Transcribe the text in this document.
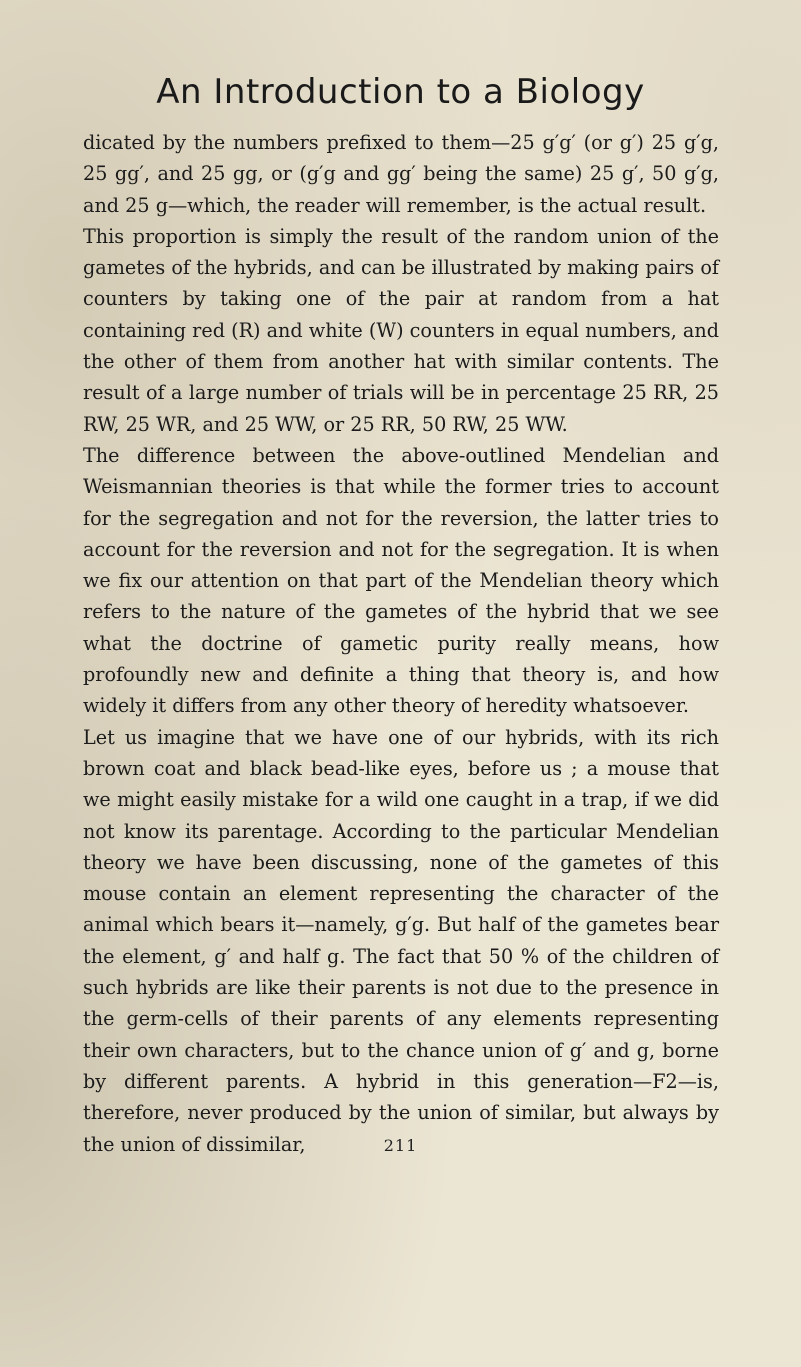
An Introduction to a Biology

dicated by the numbers prefixed to them—25 g′g′ (or g′) 25 g′g, 25 gg′, and 25 gg, or (g′g and gg′ being the same) 25 g′, 50 g′g, and 25 g—which, the reader will remember, is the actual result.

This proportion is simply the result of the random union of the gametes of the hybrids, and can be illustrated by making pairs of counters by taking one of the pair at random from a hat containing red (R) and white (W) counters in equal numbers, and the other of them from another hat with similar contents. The result of a large number of trials will be in percentage 25 RR, 25 RW, 25 WR, and 25 WW, or 25 RR, 50 RW, 25 WW.

The difference between the above-outlined Mendelian and Weismannian theories is that while the former tries to account for the segregation and not for the reversion, the latter tries to account for the reversion and not for the segregation. It is when we fix our attention on that part of the Mendelian theory which refers to the nature of the gametes of the hybrid that we see what the doctrine of gametic purity really means, how profoundly new and definite a thing that theory is, and how widely it differs from any other theory of heredity whatsoever.

Let us imagine that we have one of our hybrids, with its rich brown coat and black bead-like eyes, before us ; a mouse that we might easily mistake for a wild one caught in a trap, if we did not know its parentage. According to the particular Mendelian theory we have been discussing, none of the gametes of this mouse contain an element representing the character of the animal which bears it—namely, g′g. But half of the gametes bear the element, g′ and half g. The fact that 50 % of the children of such hybrids are like their parents is not due to the presence in the germ-cells of their parents of any elements representing their own characters, but to the chance union of g′ and g, borne by different parents. A hybrid in this generation—F2—is, therefore, never produced by the union of similar, but always by the union of dissimilar,	211
